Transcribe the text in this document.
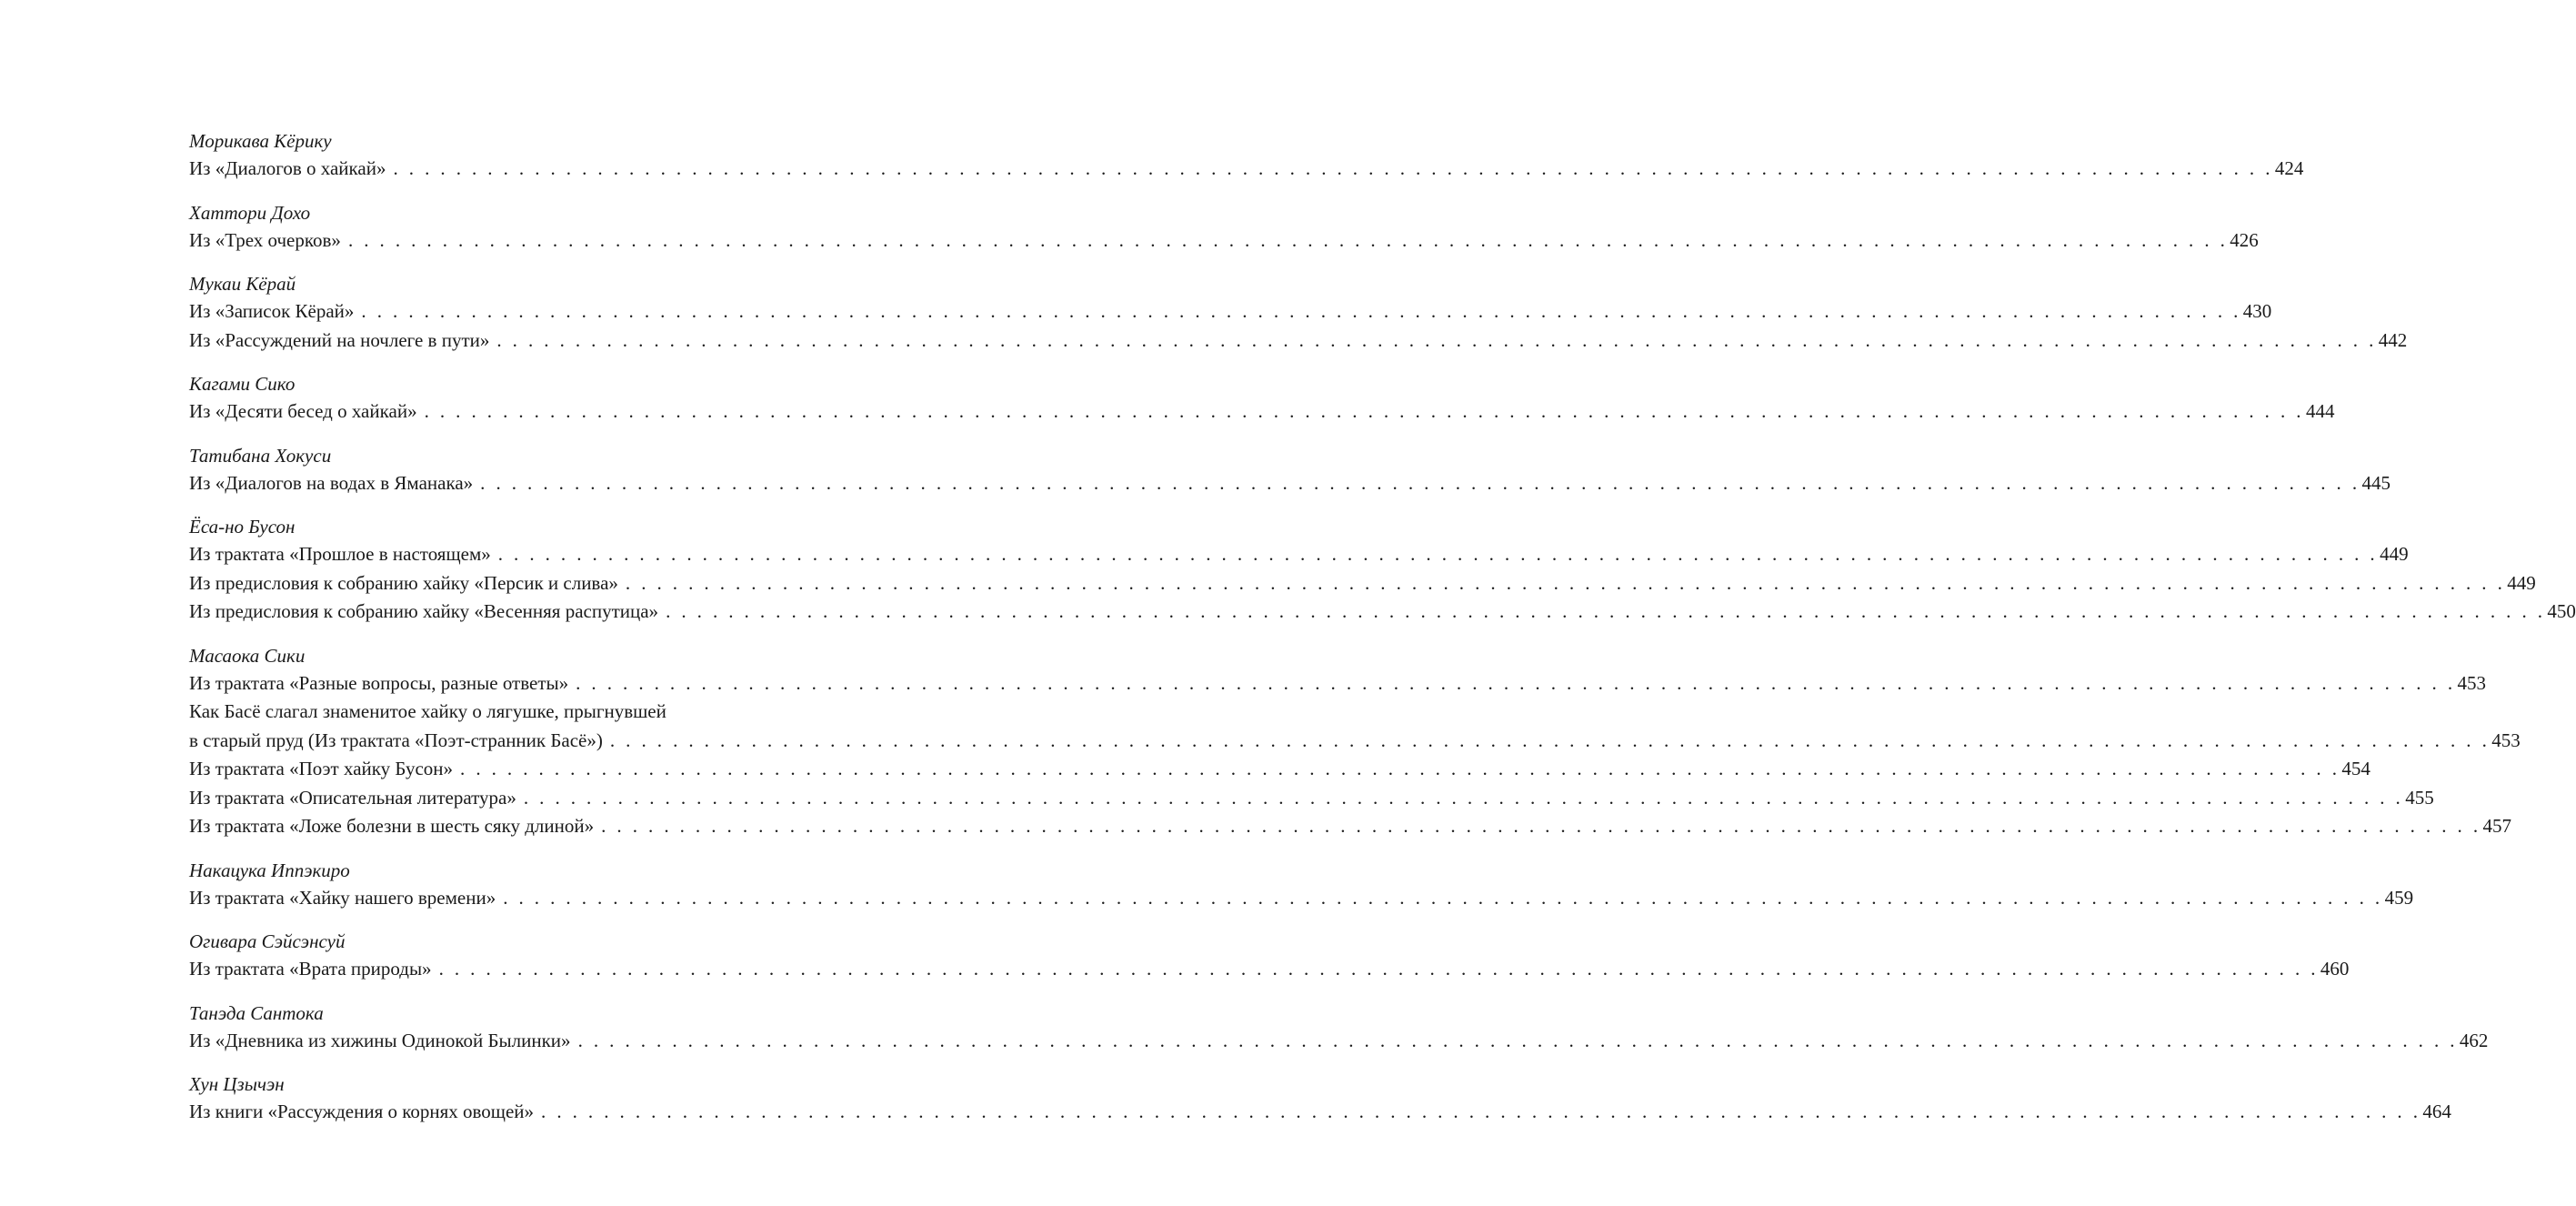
Морикава Кёрику
Из «Диалогов о хайкай» . . . . . . . . . . . . . . . . . . . . . . . . . . . . . . . . . . . . . . . . . . . . . . . . . . . . . . . . . . . . . . . . . . . . . . . . . . . . . . . . . . . . . . . . . . . . . . . . . . . . . . . . . . . . . . . . . . . . . . . . 424
Хаттори Дохо
Из «Трех очерков» . . . . . . . . . . . . . . . . . . . . . . . . . . . . . . . . . . . . . . . . . . . . . . . . . . . . . . . . . . . . . . . . . . . . . . . . . . . . . . . . . . . . . . . . . . . . . . . . . . . . . . . . . . . . . . . . . . . . . . . . 426
Мукаи Кёрай
Из «Записок Кёрай» . . . . . . . . . . . . . . . . . . . . . . . . . . . . . . . . . . . . . . . . . . . . . . . . . . . . . . . . . . . . . . . . . . . . . . . . . . . . . . . . . . . . . . . . . . . . . . . . . . . . . . . . . . . . . . . . . . . . . . . . 430
Из «Рассуждений на ночлеге в пути» . . . . . . . . . . . . . . . . . . . . . . . . . . . . . . . . . . . . . . . . . . . . . . . . . . . . . . . . . . . . . . . . . . . . . . . . . . . . . . . . . . . . . . . . . . . . . . . . . . . . . . . . . . . . . . . . . . . . . . . . 442
Кагами Сико
Из «Десяти бесед о хайкай» . . . . . . . . . . . . . . . . . . . . . . . . . . . . . . . . . . . . . . . . . . . . . . . . . . . . . . . . . . . . . . . . . . . . . . . . . . . . . . . . . . . . . . . . . . . . . . . . . . . . . . . . . . . . . . . . . . . . . . . . 444
Татибана Хокуси
Из «Диалогов на водах в Яманака» . . . . . . . . . . . . . . . . . . . . . . . . . . . . . . . . . . . . . . . . . . . . . . . . . . . . . . . . . . . . . . . . . . . . . . . . . . . . . . . . . . . . . . . . . . . . . . . . . . . . . . . . . . . . . . . . . . . . . . . . 445
Ёса-но Бусон
Из трактата «Прошлое в настоящем» . . . . . . . . . . . . . . . . . . . . . . . . . . . . . . . . . . . . . . . . . . . . . . . . . . . . . . . . . . . . . . . . . . . . . . . . . . . . . . . . . . . . . . . . . . . . . . . . . . . . . . . . . . . . . . . . . . . . . . . . 449
Из предисловия к собранию хайку «Персик и слива» . . . . . . . . . . . . . . . . . . . . . . . . . . . . . . . . . . . . . . . . . . . . . . . . . . . . . . . . . . . . . . . . . . . . . . . . . . . . . . . . . . . . . . . . . . . . . . . . . . . . . . . . . . . . . . . . . . . . . . . . 449
Из предисловия к собранию хайку «Весенняя распутица» . . . . . . . . . . . . . . . . . . . . . . . . . . . . . . . . . . . . . . . . . . . . . . . . . . . . . . . . . . . . . . . . . . . . . . . . . . . . . . . . . . . . . . . . . . . . . . . . . . . . . . . . . . . . . . . . . . . . . . . . 450
Масаока Сики
Из трактата «Разные вопросы, разные ответы» . . . . . . . . . . . . . . . . . . . . . . . . . . . . . . . . . . . . . . . . . . . . . . . . . . . . . . . . . . . . . . . . . . . . . . . . . . . . . . . . . . . . . . . . . . . . . . . . . . . . . . . . . . . . . . . . . . . . . . . . 453
Как Басё слагал знаменитое хайку о лягушке, прыгнувшей
в старый пруд (Из трактата «Поэт-странник Басё») . . . . . . . . . . . . . . . . . . . . . . . . . . . . . . . . . . . . . . . . . . . . . . . . . . . . . . . . . . . . . . . . . . . . . . . . . . . . . . . . . . . . . . . . . . . . . . . . . . . . . . . . . . . . . . . . . . . . . . . . 453
Из трактата «Поэт хайку Бусон» . . . . . . . . . . . . . . . . . . . . . . . . . . . . . . . . . . . . . . . . . . . . . . . . . . . . . . . . . . . . . . . . . . . . . . . . . . . . . . . . . . . . . . . . . . . . . . . . . . . . . . . . . . . . . . . . . . . . . . . . 454
Из трактата «Описательная литература» . . . . . . . . . . . . . . . . . . . . . . . . . . . . . . . . . . . . . . . . . . . . . . . . . . . . . . . . . . . . . . . . . . . . . . . . . . . . . . . . . . . . . . . . . . . . . . . . . . . . . . . . . . . . . . . . . . . . . . . . 455
Из трактата «Ложе болезни в шесть сяку длиной» . . . . . . . . . . . . . . . . . . . . . . . . . . . . . . . . . . . . . . . . . . . . . . . . . . . . . . . . . . . . . . . . . . . . . . . . . . . . . . . . . . . . . . . . . . . . . . . . . . . . . . . . . . . . . . . . . . . . . . . . 457
Накацука Иппэкиро
Из трактата «Хайку нашего времени» . . . . . . . . . . . . . . . . . . . . . . . . . . . . . . . . . . . . . . . . . . . . . . . . . . . . . . . . . . . . . . . . . . . . . . . . . . . . . . . . . . . . . . . . . . . . . . . . . . . . . . . . . . . . . . . . . . . . . . . . 459
Огивара Сэйсэнсуй
Из трактата «Врата природы» . . . . . . . . . . . . . . . . . . . . . . . . . . . . . . . . . . . . . . . . . . . . . . . . . . . . . . . . . . . . . . . . . . . . . . . . . . . . . . . . . . . . . . . . . . . . . . . . . . . . . . . . . . . . . . . . . . . . . . . . 460
Танэда Сантока
Из «Дневника из хижины Одинокой Былинки» . . . . . . . . . . . . . . . . . . . . . . . . . . . . . . . . . . . . . . . . . . . . . . . . . . . . . . . . . . . . . . . . . . . . . . . . . . . . . . . . . . . . . . . . . . . . . . . . . . . . . . . . . . . . . . . . . . . . . . . . 462
Хун Цзычэн
Из книги «Рассуждения о корнях овощей» . . . . . . . . . . . . . . . . . . . . . . . . . . . . . . . . . . . . . . . . . . . . . . . . . . . . . . . . . . . . . . . . . . . . . . . . . . . . . . . . . . . . . . . . . . . . . . . . . . . . . . . . . . . . . . . . . . . . . . . . 464
